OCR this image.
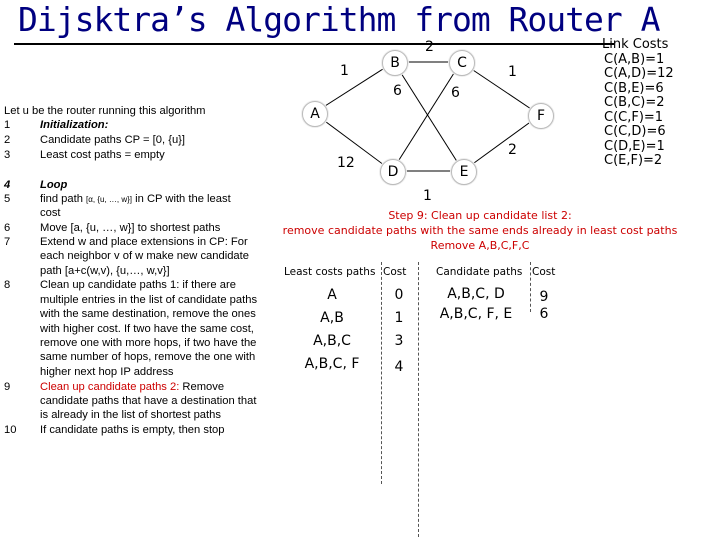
Dijsktra’s Algorithm from Router A
Let u be the router running this algorithm
1	Initialization:
2	Candidate paths CP = [0, {u}]
3	Least cost paths = empty
4	Loop
5	find path [α, {u, …, w}] in CP with the least
cost
6	Move [a, {u, …, w}] to shortest paths
7	Extend w and place extensions in CP: For
each neighbor v of w make new candidate
path [a+c(w,v), {u,…, w,v}]
8	Clean up candidate paths 1: if there are
multiple entries in the list of candidate paths
with the same destination, remove the ones
with higher cost. If two have the same cost,
remove one with more hops, if two have the
same number of hops, remove the one with
higher next hop IP address
9	Clean up candidate paths 2: Remove
candidate paths that have a destination that
is already in the list of shortest paths
10 If candidate paths is empty, then stop
A
B	C
D	E
F
1
12
2
6
1
6
1
2
Link Costs
C(A,B)=1
C(A,D)=12
C(B,E)=6
C(B,C)=2
C(C,F)=1
C(C,D)=6
C(D,E)=1
C(E,F)=2
Step 9: Clean up candidate list 2:
remove candidate paths with the same ends already in least cost paths
Remove A,B,C,F,C
Least costs paths Cost
A	0
A,B	1
A,B,C	3
A,B,C, F	4
Candidate paths Cost
A,B,C, D	9
A,B,C, F, E	6
